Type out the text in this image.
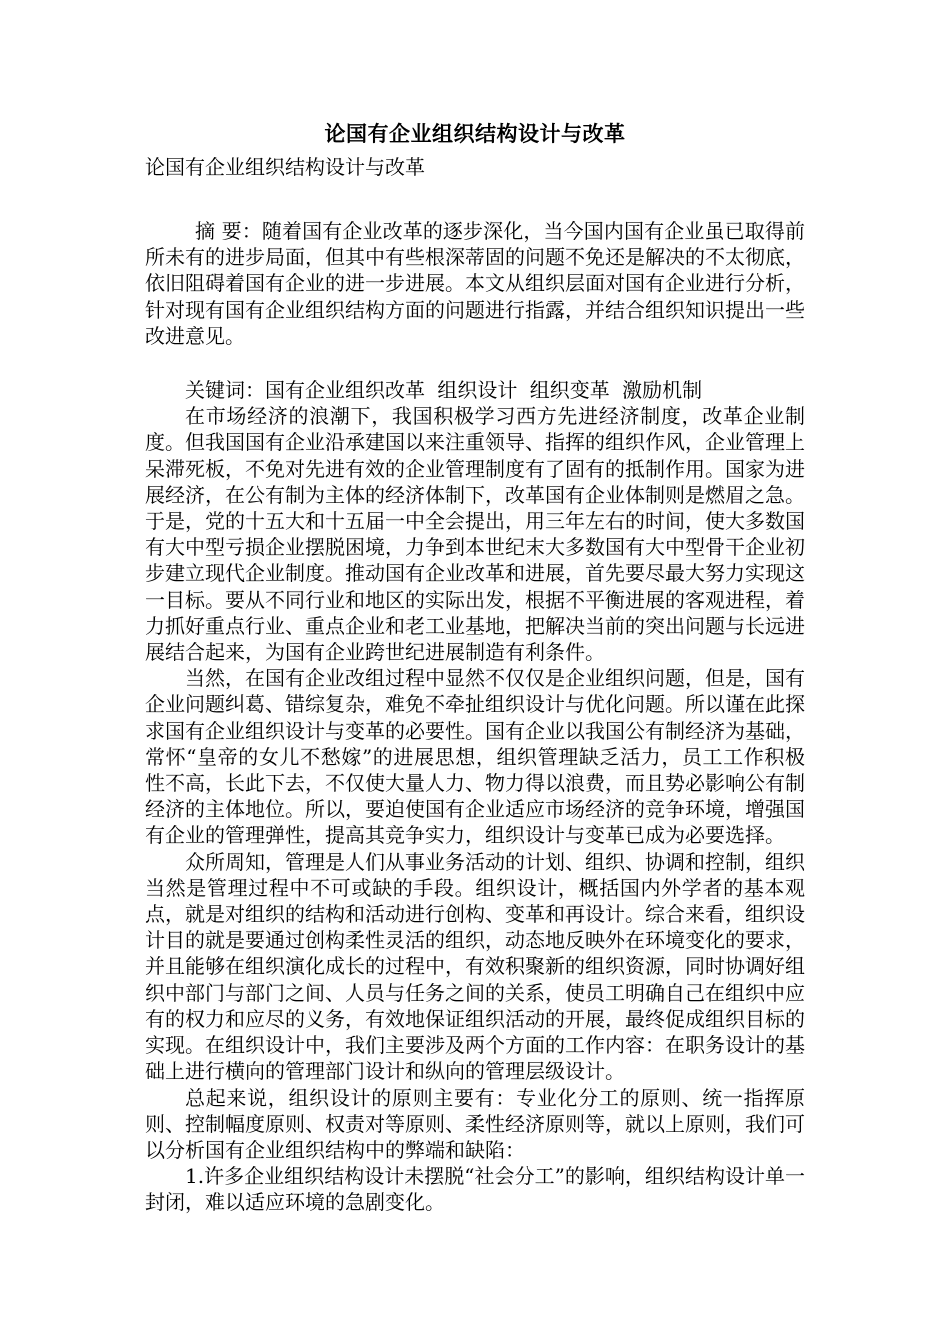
论国有企业组织结构设计与改革

论国有企业组织结构设计与改革

摘 要：随着国有企业改革的逐步深化，当今国内国有企业虽已取得前所未有的进步局面，但其中有些根深蒂固的问题不免还是解决的不太彻底，依旧阻碍着国有企业的进一步进展。本文从组织层面对国有企业进行分析，针对现有国有企业组织结构方面的问题进行指露，并结合组织知识提出一些改进意见。

关键词：国有企业组织改革 组织设计 组织变革 激励机制

在市场经济的浪潮下，我国积极学习西方先进经济制度，改革企业制度。但我国国有企业沿承建国以来注重领导、指挥的组织作风，企业管理上呆滞死板，不免对先进有效的企业管理制度有了固有的抵制作用。国家为进展经济，在公有制为主体的经济体制下，改革国有企业体制则是燃眉之急。于是，党的十五大和十五届一中全会提出，用三年左右的时间，使大多数国有大中型亏损企业摆脱困境，力争到本世纪末大多数国有大中型骨干企业初步建立现代企业制度。推动国有企业改革和进展，首先要尽最大努力实现这一目标。要从不同行业和地区的实际出发，根据不平衡进展的客观进程，着力抓好重点行业、重点企业和老工业基地，把解决当前的突出问题与长远进展结合起来，为国有企业跨世纪进展制造有利条件。

当然，在国有企业改组过程中显然不仅仅是企业组织问题，但是，国有企业问题纠葛、错综复杂，难免不牵扯组织设计与优化问题。所以谨在此探求国有企业组织设计与变革的必要性。国有企业以我国公有制经济为基础，常怀“皇帝的女儿不愁嫁”的进展思想，组织管理缺乏活力，员工工作积极性不高，长此下去，不仅使大量人力、物力得以浪费，而且势必影响公有制经济的主体地位。所以，要迫使国有企业适应市场经济的竞争环境，增强国有企业的管理弹性，提高其竞争实力，组织设计与变革已成为必要选择。

众所周知，管理是人们从事业务活动的计划、组织、协调和控制，组织当然是管理过程中不可或缺的手段。组织设计，概括国内外学者的基本观点，就是对组织的结构和活动进行创构、变革和再设计。综合来看，组织设计目的就是要通过创构柔性灵活的组织，动态地反映外在环境变化的要求，并且能够在组织演化成长的过程中，有效积聚新的组织资源，同时协调好组织中部门与部门之间、人员与任务之间的关系，使员工明确自己在组织中应有的权力和应尽的义务，有效地保证组织活动的开展，最终促成组织目标的实现。在组织设计中，我们主要涉及两个方面的工作内容：在职务设计的基础上进行横向的管理部门设计和纵向的管理层级设计。

总起来说，组织设计的原则主要有：专业化分工的原则、统一指挥原则、控制幅度原则、权责对等原则、柔性经济原则等，就以上原则，我们可以分析国有企业组织结构中的弊端和缺陷：

1.许多企业组织结构设计未摆脱“社会分工”的影响，组织结构设计单一封闭，难以适应环境的急剧变化。
